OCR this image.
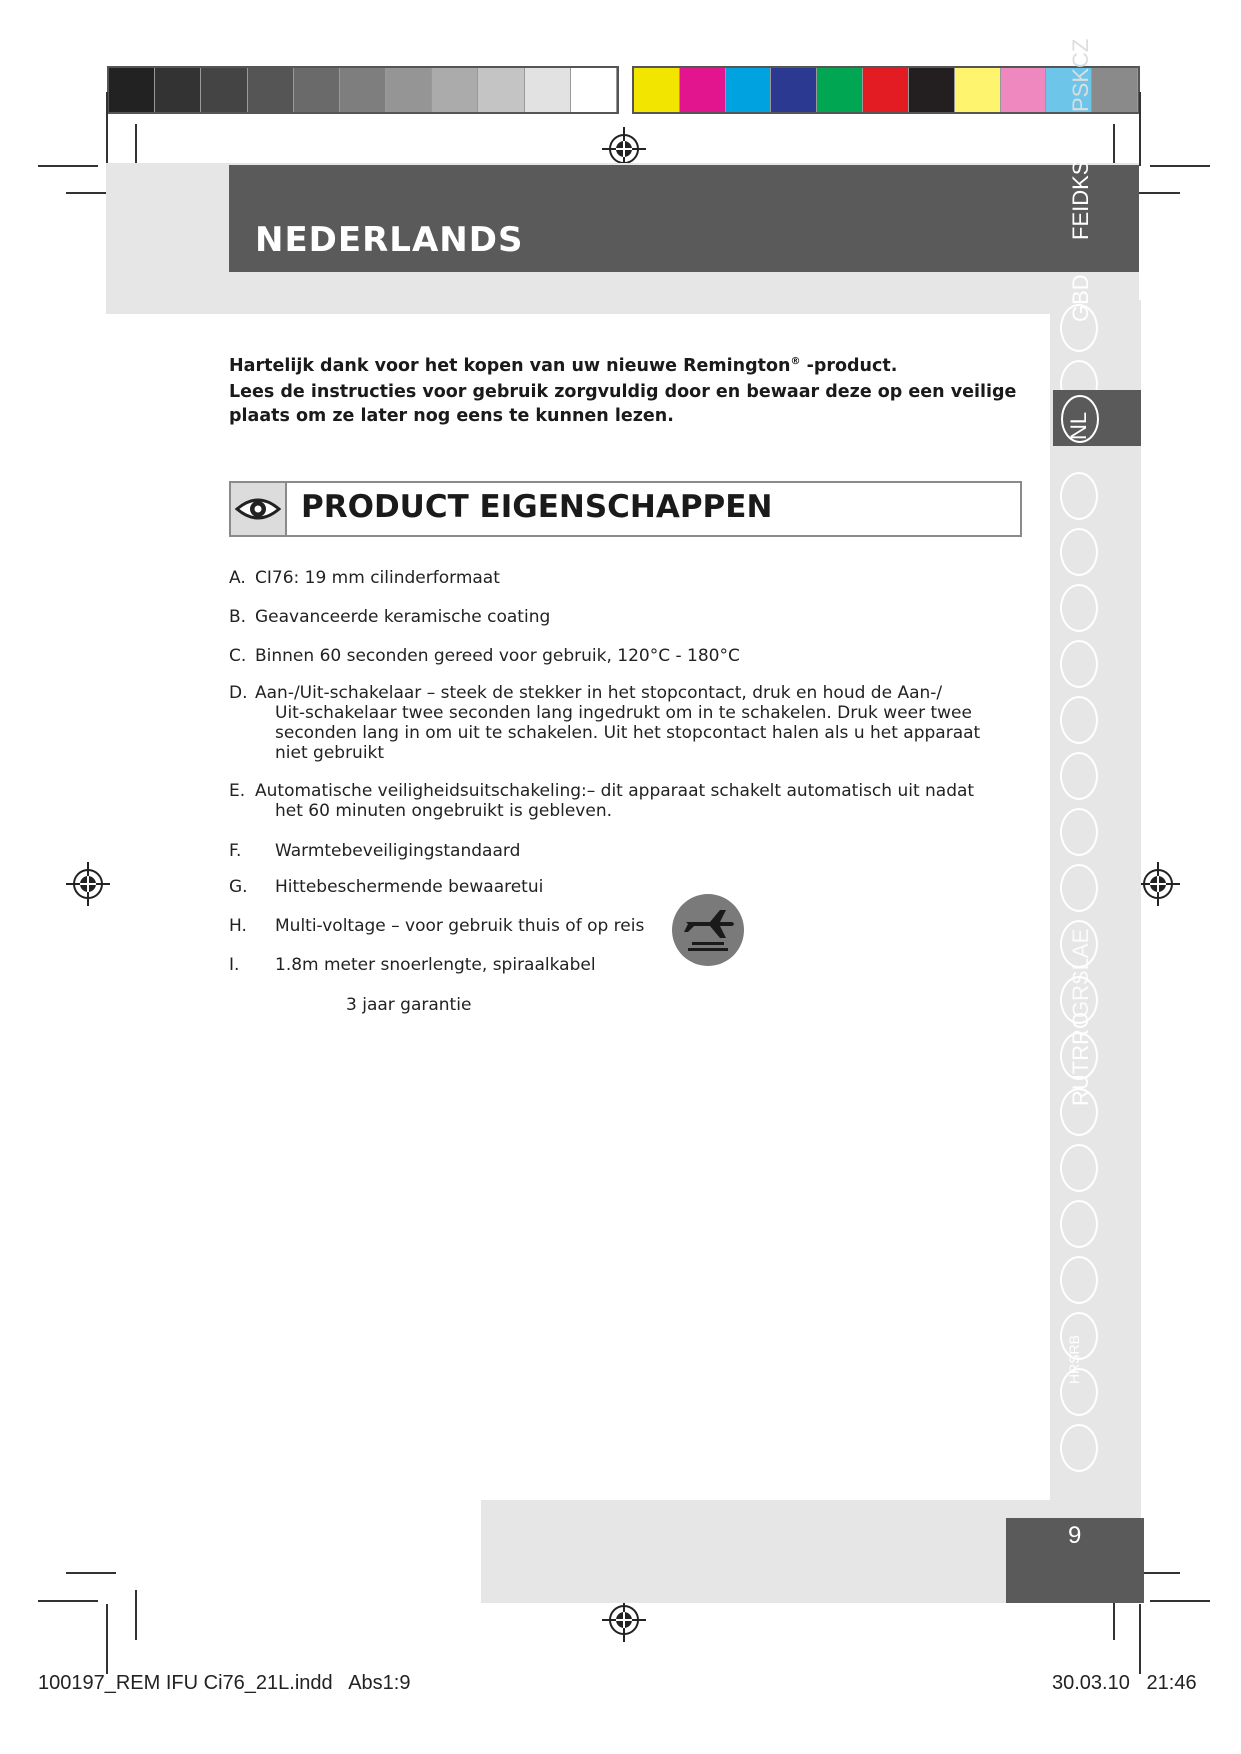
NEDERLANDS
NL
FEIDKS
PSKCZ
GBD
RUTRRO
GRSLAE
HRSRB
Hartelijk dank voor het kopen van uw nieuwe Remington® -product.
Lees de instructies voor gebruik zorgvuldig door en bewaar deze op een veilige
plaats om ze later nog eens te kunnen lezen.
PRODUCT EIGENSCHAPPEN
A. CI76: 19 mm cilinderformaat
B. Geavanceerde keramische coating
C. Binnen 60 seconden gereed voor gebruik, 120°C - 180°C
D. Aan-/Uit-schakelaar – steek de stekker in het stopcontact, druk en houd de Aan-/
Uit-schakelaar twee seconden lang ingedrukt om in te schakelen. Druk weer twee
seconden lang in om uit te schakelen. Uit het stopcontact halen als u het apparaat
niet gebruikt
E. Automatische veiligheidsuitschakeling:– dit apparaat schakelt automatisch uit nadat
het 60 minuten ongebruikt is gebleven.
F. Warmtebeveiligingstandaard
G. Hittebeschermende bewaaretui
H. Multi-voltage – voor gebruik thuis of op reis
I. 1.8m meter snoerlengte, spiraalkabel
3 jaar garantie
9
100197_REM IFU Ci76_21L.indd   Abs1:9	30.03.10   21:46
